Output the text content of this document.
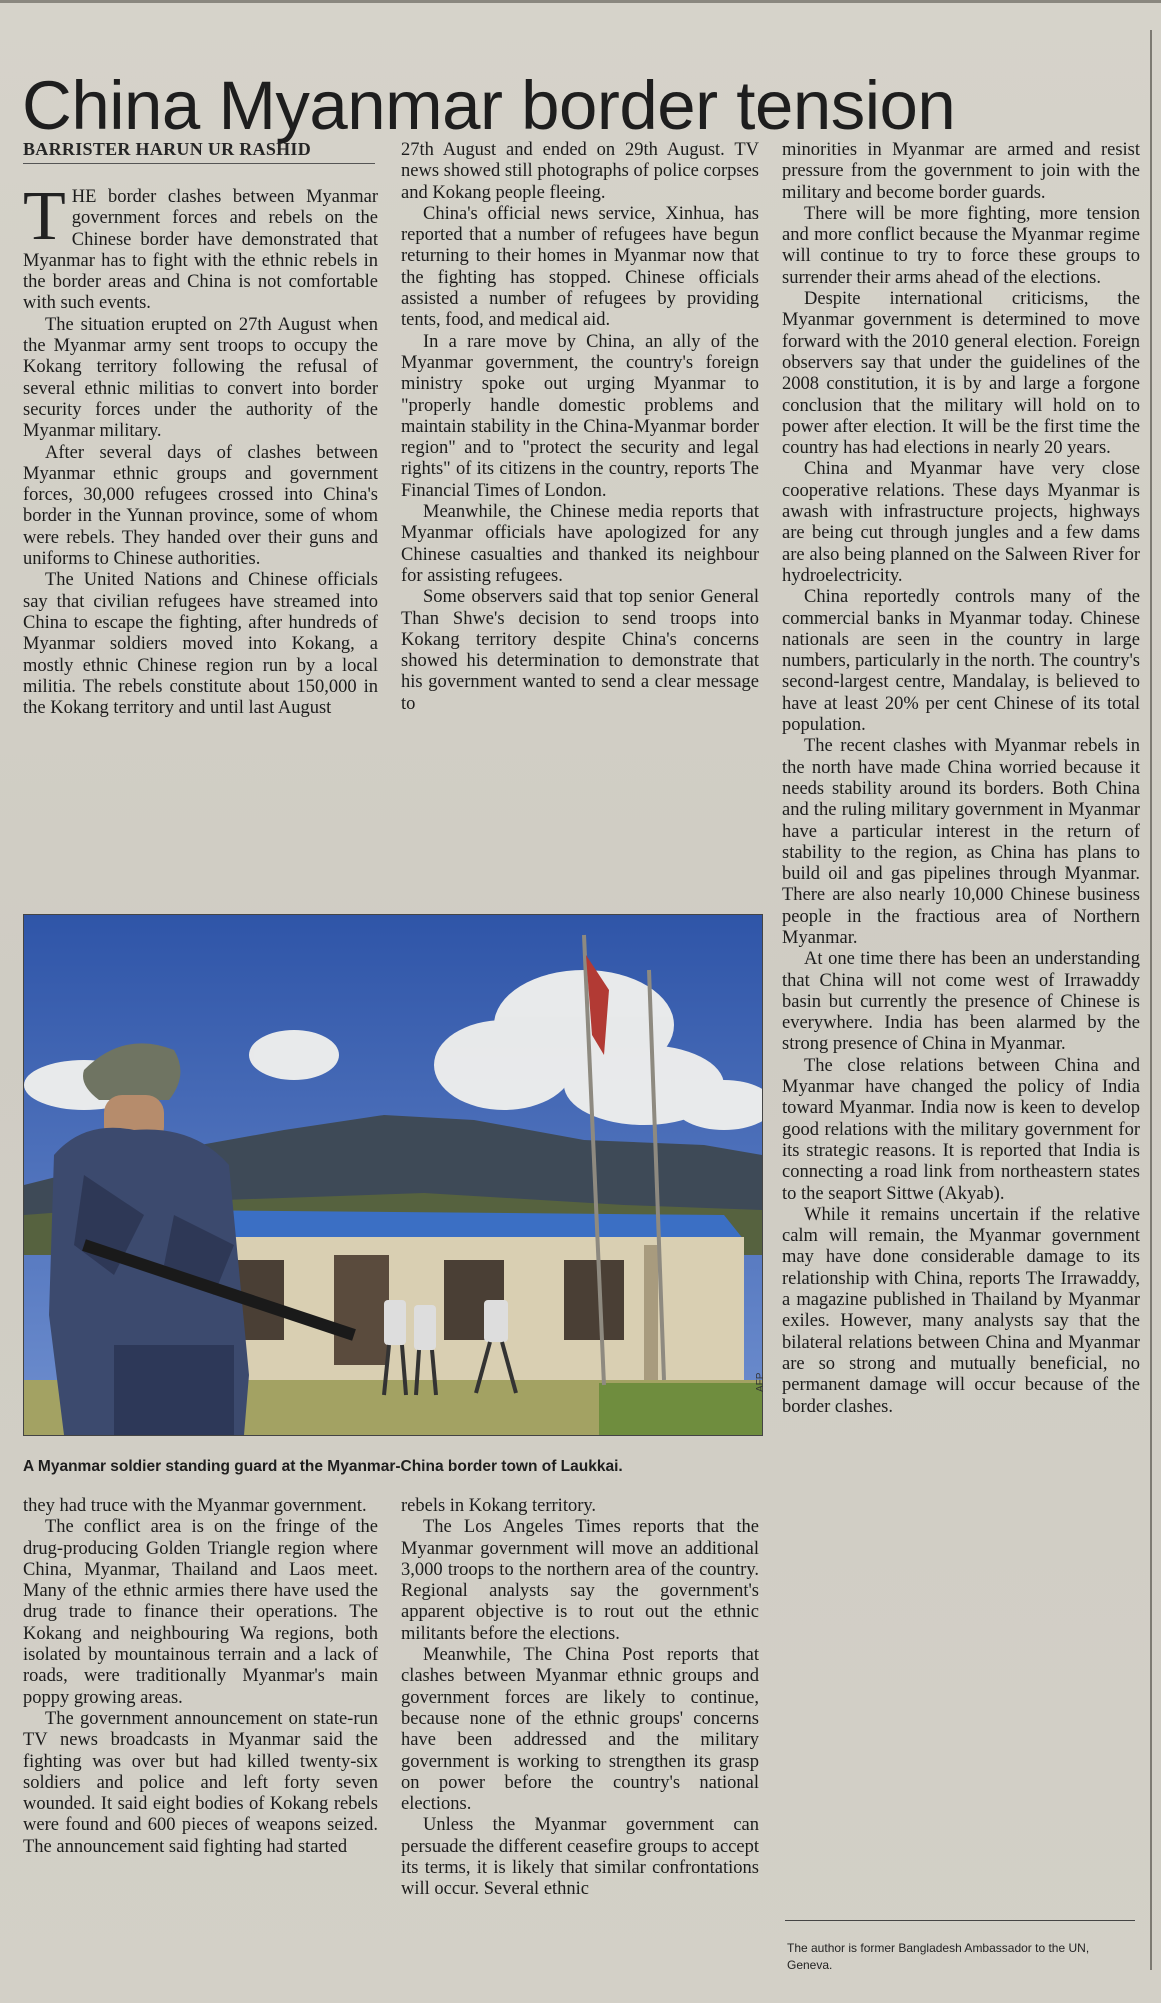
China Myanmar border tension
BARRISTER HARUN UR RASHID

THE border clashes between Myanmar government forces and rebels on the Chinese border have demonstrated that Myanmar has to fight with the ethnic rebels in the border areas and China is not comfortable with such events.

The situation erupted on 27th August when the Myanmar army sent troops to occupy the Kokang territory following the refusal of several ethnic militias to convert into border security forces under the authority of the Myanmar military.

After several days of clashes between Myanmar ethnic groups and government forces, 30,000 refugees crossed into China's border in the Yunnan province, some of whom were rebels. They handed over their guns and uniforms to Chinese authorities.

The United Nations and Chinese officials say that civilian refugees have streamed into China to escape the fighting, after hundreds of Myanmar soldiers moved into Kokang, a mostly ethnic Chinese region run by a local militia. The rebels constitute about 150,000 in the Kokang territory and until last August

27th August and ended on 29th August. TV news showed still photographs of police corpses and Kokang people fleeing.

China's official news service, Xinhua, has reported that a number of refugees have begun returning to their homes in Myanmar now that the fighting has stopped. Chinese officials assisted a number of refugees by providing tents, food, and medical aid.

In a rare move by China, an ally of the Myanmar government, the country's foreign ministry spoke out urging Myanmar to "properly handle domestic problems and maintain stability in the China-Myanmar border region" and to "protect the security and legal rights" of its citizens in the country, reports The Financial Times of London.

Meanwhile, the Chinese media reports that Myanmar officials have apologized for any Chinese casualties and thanked its neighbour for assisting refugees.

Some observers said that top senior General Than Shwe's decision to send troops into Kokang territory despite China's concerns showed his determination to demonstrate that his government wanted to send a clear message to

minorities in Myanmar are armed and resist pressure from the government to join with the military and become border guards.

There will be more fighting, more tension and more conflict because the Myanmar regime will continue to try to force these groups to surrender their arms ahead of the elections.

Despite international criticisms, the Myanmar government is determined to move forward with the 2010 general election. Foreign observers say that under the guidelines of the 2008 constitution, it is by and large a forgone conclusion that the military will hold on to power after election. It will be the first time the country has had elections in nearly 20 years.

China and Myanmar have very close cooperative relations. These days Myanmar is awash with infrastructure projects, highways are being cut through jungles and a few dams are also being planned on the Salween River for hydroelectricity.

China reportedly controls many of the commercial banks in Myanmar today. Chinese nationals are seen in the country in large numbers, particularly in the north. The country's second-largest centre, Mandalay, is believed to have at least 20% per cent Chinese of its total population.

The recent clashes with Myanmar rebels in the north have made China worried because it needs stability around its borders. Both China and the ruling military government in Myanmar have a particular interest in the return of stability to the region, as China has plans to build oil and gas pipelines through Myanmar. There are also nearly 10,000 Chinese business people in the fractious area of Northern Myanmar.

At one time there has been an understanding that China will not come west of Irrawaddy basin but currently the presence of Chinese is everywhere. India has been alarmed by the strong presence of China in Myanmar.

The close relations between China and Myanmar have changed the policy of India toward Myanmar. India now is keen to develop good relations with the military government for its strategic reasons. It is reported that India is connecting a road link from northeastern states to the seaport Sittwe (Akyab).

While it remains uncertain if the relative calm will remain, the Myanmar government may have done considerable damage to its relationship with China, reports The Irrawaddy, a magazine published in Thailand by Myanmar exiles. However, many analysts say that the bilateral relations between China and Myanmar are so strong and mutually beneficial, no permanent damage will occur because of the border clashes.

AFP
A Myanmar soldier standing guard at the Myanmar-China border town of Laukkai.

they had truce with the Myanmar government.

The conflict area is on the fringe of the drug-producing Golden Triangle region where China, Myanmar, Thailand and Laos meet. Many of the ethnic armies there have used the drug trade to finance their operations. The Kokang and neighbouring Wa regions, both isolated by mountainous terrain and a lack of roads, were traditionally Myanmar's main poppy growing areas.

The government announcement on state-run TV news broadcasts in Myanmar said the fighting was over but had killed twenty-six soldiers and police and left forty seven wounded. It said eight bodies of Kokang rebels were found and 600 pieces of weapons seized. The announcement said fighting had started

rebels in Kokang territory.

The Los Angeles Times reports that the Myanmar government will move an additional 3,000 troops to the northern area of the country. Regional analysts say the government's apparent objective is to rout out the ethnic militants before the elections.

Meanwhile, The China Post reports that clashes between Myanmar ethnic groups and government forces are likely to continue, because none of the ethnic groups' concerns have been addressed and the military government is working to strengthen its grasp on power before the country's national elections.

Unless the Myanmar government can persuade the different ceasefire groups to accept its terms, it is likely that similar confrontations will occur. Several ethnic

The author is former Bangladesh Ambassador to the UN, Geneva.
